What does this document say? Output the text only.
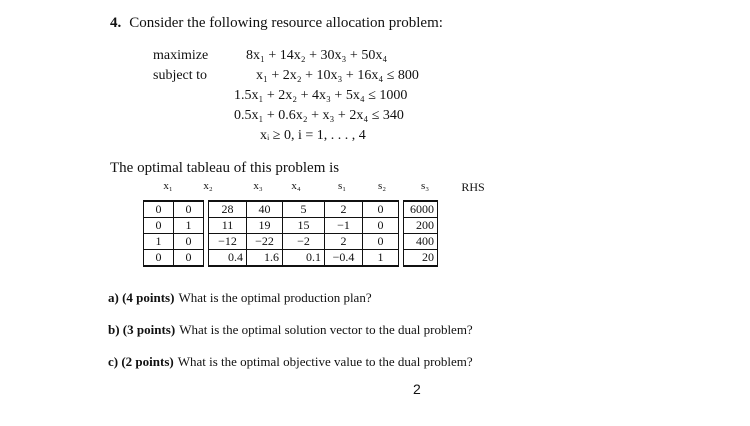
4. Consider the following resource allocation problem:
maximize
subject to
8x₁ + 14x₂ + 30x₃ + 50x₄
x₁ + 2x₂ + 10x₃ + 16x₄ ≤ 800
1.5x₁ + 2x₂ + 4x₃ + 5x₄ ≤ 1000
0.5x₁ + 0.6x₂ + x₃ + 2x₄ ≤ 340
xᵢ ≥ 0, i = 1, . . . , 4
The optimal tableau of this problem is
x₁	x₂	x₃	x₄	s₁	s₂	s₃	RHS
0	0		28	40	5	2	0		6000
0	1		11	19	15	−1	0		200
1	0		−12	−22	−2	2	0		400
0	0		0.4	1.6	0.1	−0.4	1		20
a) (4 points) What is the optimal production plan?
b) (3 points) What is the optimal solution vector to the dual problem?
c) (2 points) What is the optimal objective value to the dual problem?
2
